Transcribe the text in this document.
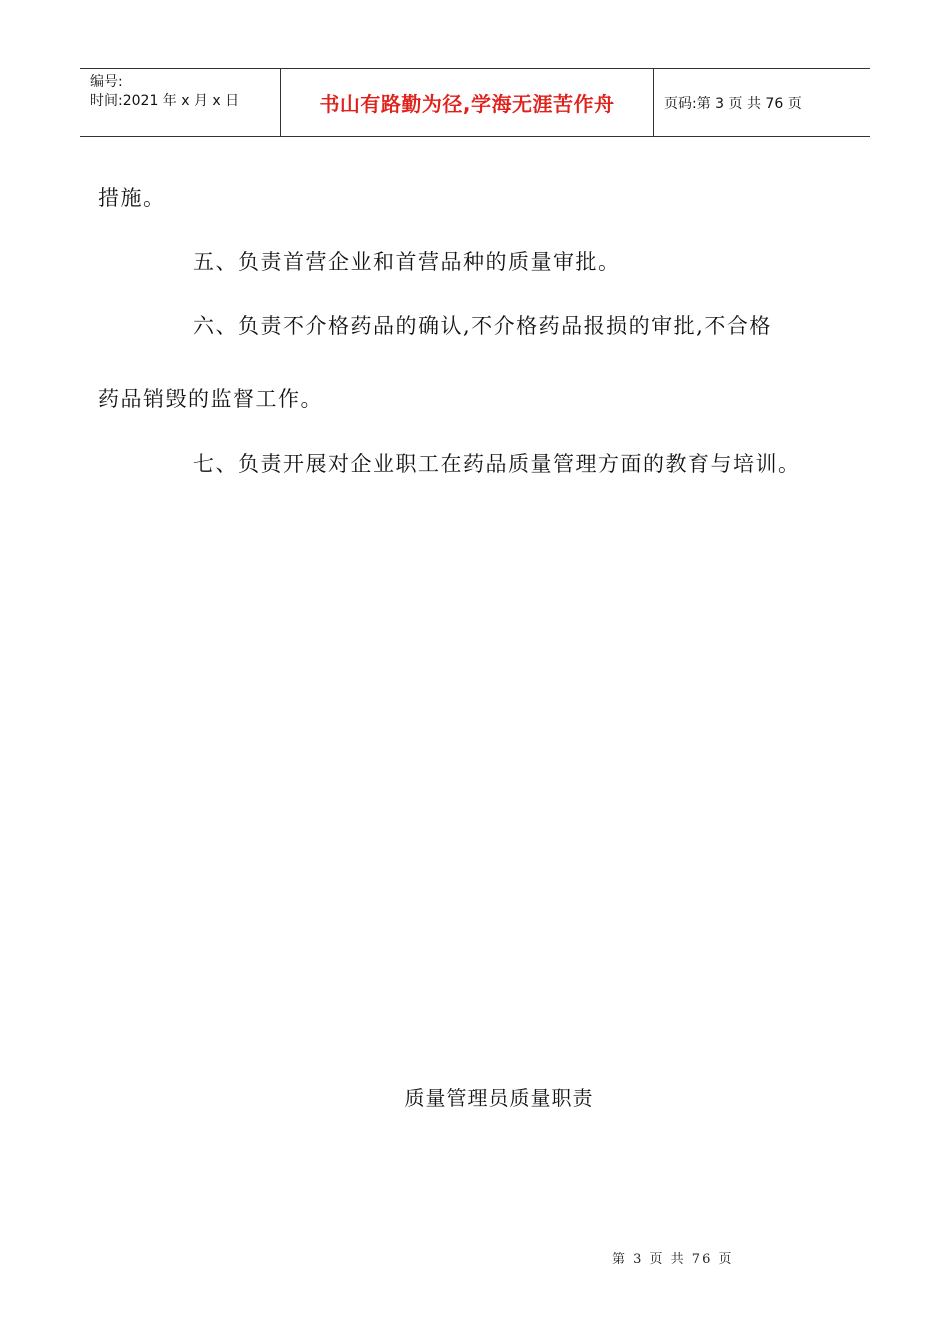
编号:
时间:2021 年 x 月 x 日	书山有路勤为径,学海无涯苦作舟	页码:第 3 页 共 76 页
措施。
五、负责首营企业和首营品种的质量审批。
六、负责不介格药品的确认,不介格药品报损的审批,不合格
药品销毁的监督工作。
七、负责开展对企业职工在药品质量管理方面的教育与培训。
质量管理员质量职责
第 3 页 共 76 页
